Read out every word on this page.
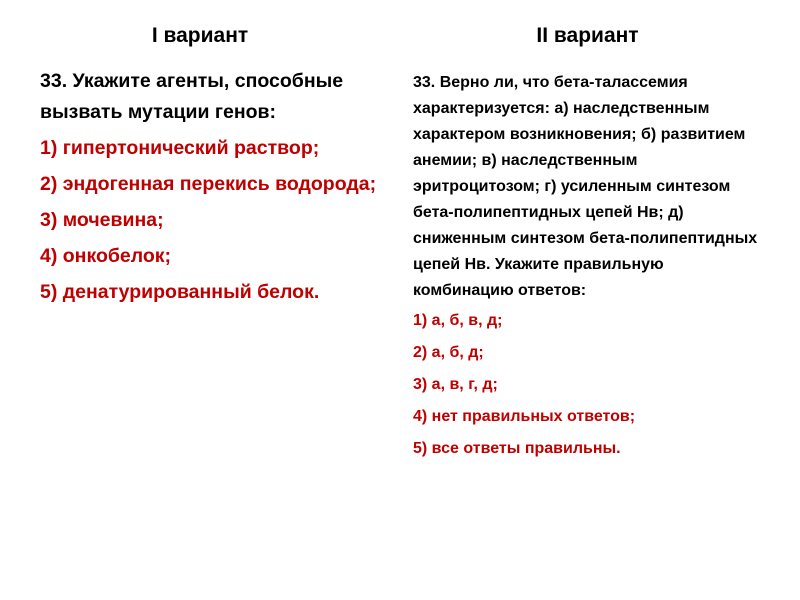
I вариант	II вариант
33. Укажите агенты, способные вызвать мутации генов:
1) гипертонический раствор;
2) эндогенная перекись водорода;
3) мочевина;
4) онкобелок;
5) денатурированный белок.
33. Верно ли, что бета-талассемия характеризуется: а) наследственным характером возникновения; б) развитием анемии; в) наследственным эритроцитозом; г) усиленным синтезом бета-полипептидных цепей Нв; д) сниженным синтезом бета-полипептидных цепей Нв. Укажите правильную комбинацию ответов:
1) а, б, в, д;
2) а, б, д;
3) а, в, г, д;
4) нет правильных ответов;
5) все ответы правильны.
